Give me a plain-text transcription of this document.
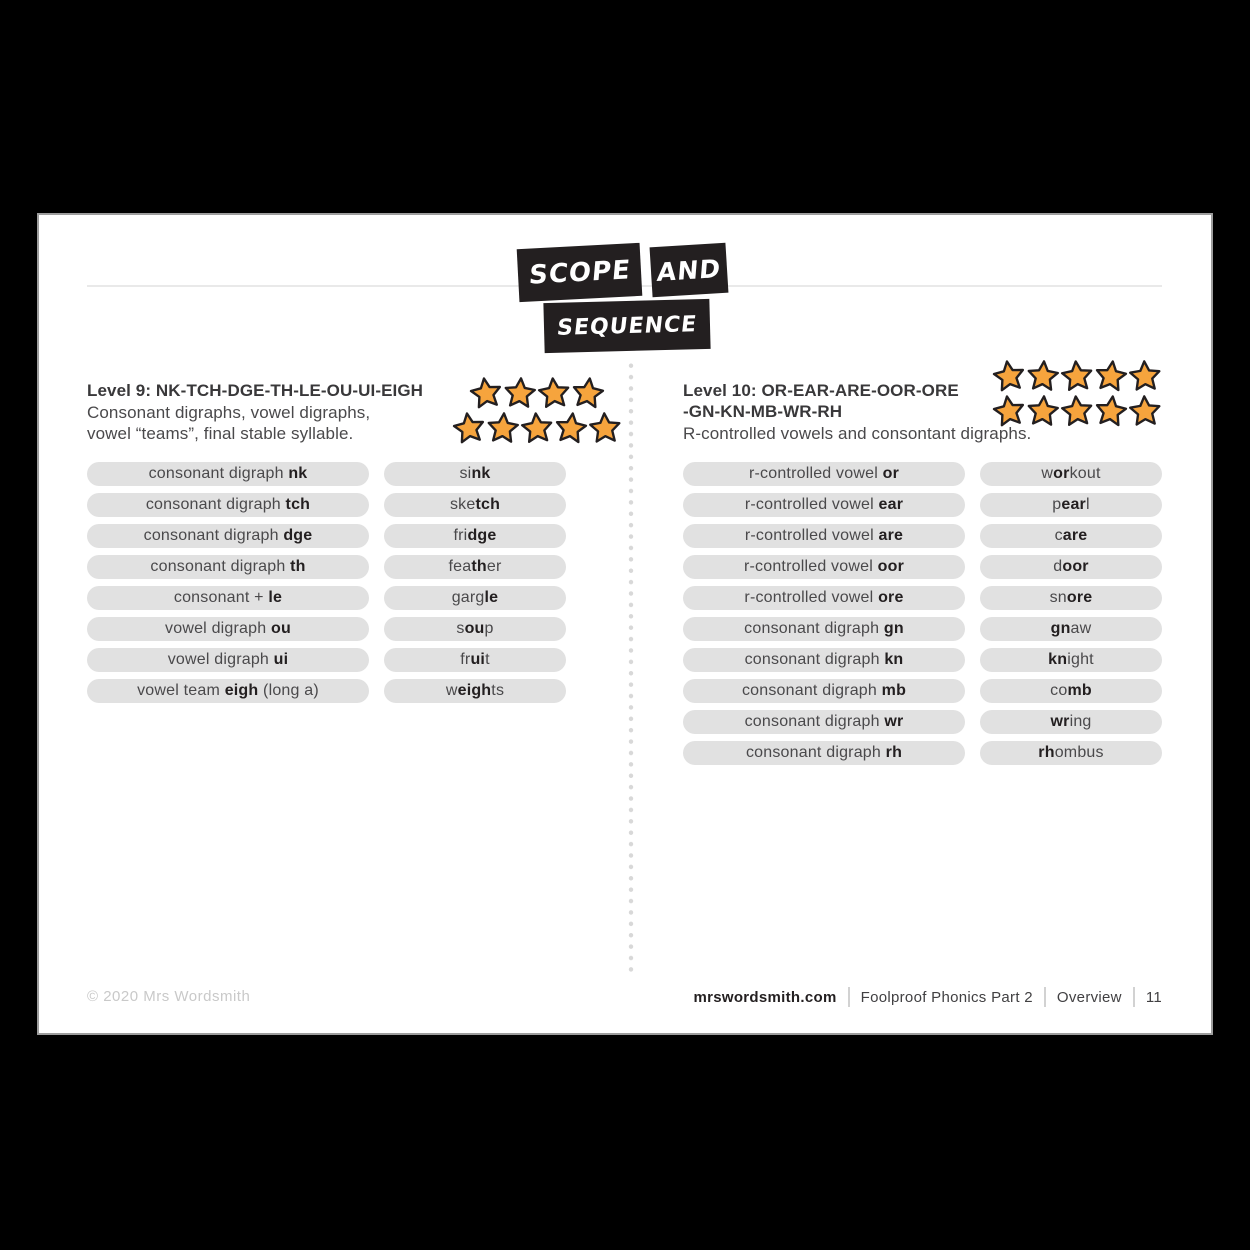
SCOPE AND
SEQUENCE
Level 9: NK-TCH-DGE-TH-LE-OU-UI-EIGH

Consonant digraphs, vowel digraphs,
vowel “teams”, final stable syllable.

consonant digraph nk	si nk
consonant digraph tch	ske tch
consonant digraph dge	fri dge
consonant digraph th	fea th er
consonant + le	garg le
vowel digraph ou	s ou p
vowel digraph ui	fr ui t
vowel team eigh (long a)	w eigh ts
Level 10: OR-EAR-ARE-OOR-ORE
-GN-KN-MB-WR-RH

R-controlled vowels and consontant digraphs.

r-controlled vowel or	w or kout
r-controlled vowel ear	p ear l
r-controlled vowel are	c are
r-controlled vowel oor	d oor
r-controlled vowel ore	sn ore
consonant digraph gn	gn aw
consonant digraph kn	kn ight
consonant digraph mb	co mb
consonant digraph wr	wr ing
consonant digraph rh	rh ombus
© 2020 Mrs Wordsmith	mrswordsmith.com Foolproof Phonics Part 2 Overview 11
